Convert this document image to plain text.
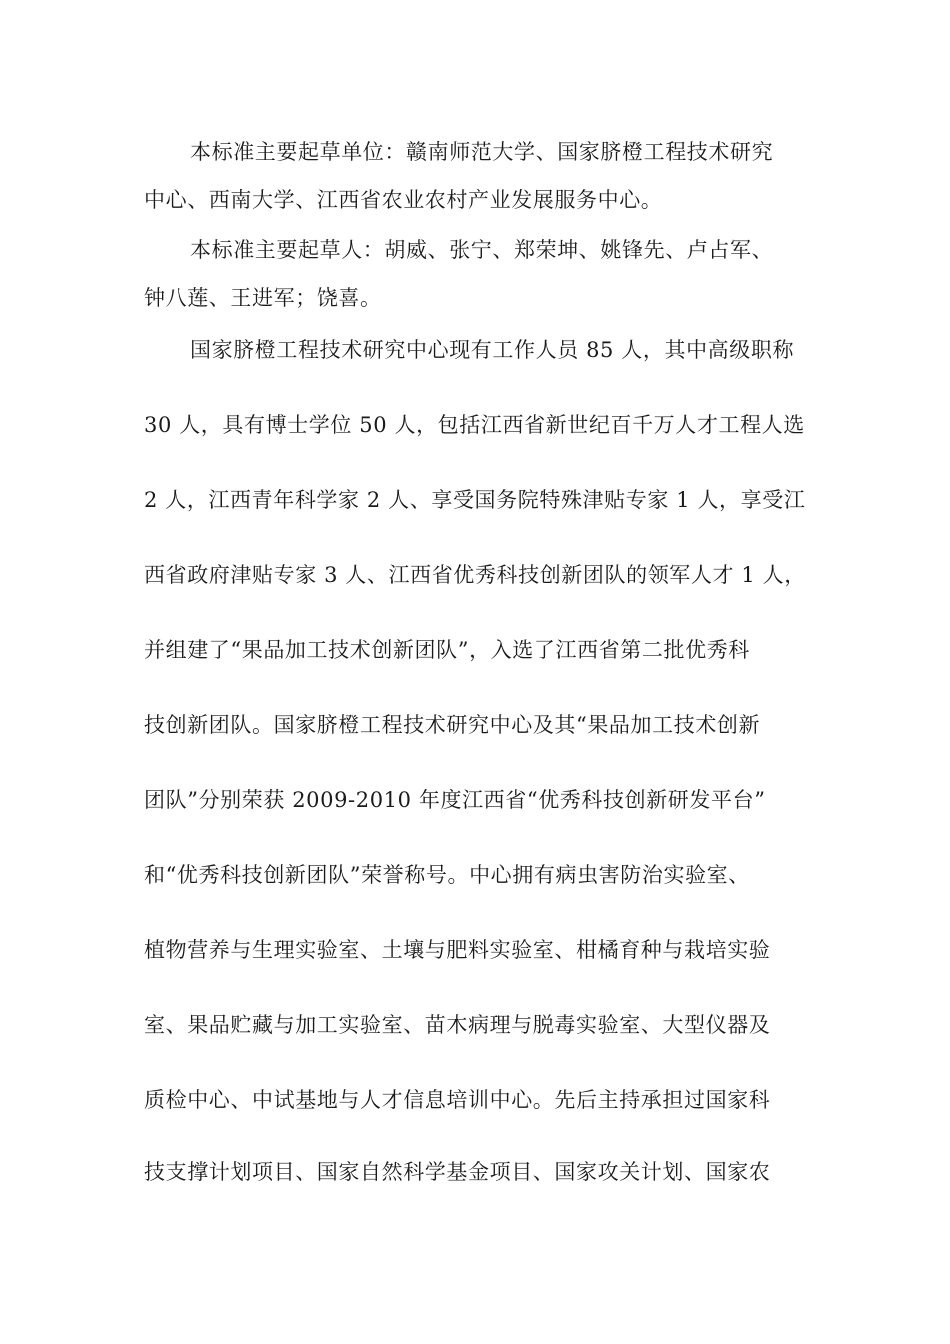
本标准主要起草单位：赣南师范大学、国家脐橙工程技术研究
中心、西南大学、江西省农业农村产业发展服务中心。
本标准主要起草人：胡威、张宁、郑荣坤、姚锋先、卢占军、
钟八莲、王进军；饶喜。
国家脐橙工程技术研究中心现有工作人员 85 人，其中高级职称
30 人，具有博士学位 50 人，包括江西省新世纪百千万人才工程人选
2 人，江西青年科学家 2 人、享受国务院特殊津贴专家 1 人，享受江
西省政府津贴专家 3 人、江西省优秀科技创新团队的领军人才 1 人，
并组建了“果品加工技术创新团队”，入选了江西省第二批优秀科
技创新团队。国家脐橙工程技术研究中心及其“果品加工技术创新
团队”分别荣获 2009-2010 年度江西省“优秀科技创新研发平台”
和“优秀科技创新团队”荣誉称号。中心拥有病虫害防治实验室、
植物营养与生理实验室、土壤与肥料实验室、柑橘育种与栽培实验
室、果品贮藏与加工实验室、苗木病理与脱毒实验室、大型仪器及
质检中心、中试基地与人才信息培训中心。先后主持承担过国家科
技支撑计划项目、国家自然科学基金项目、国家攻关计划、国家农
